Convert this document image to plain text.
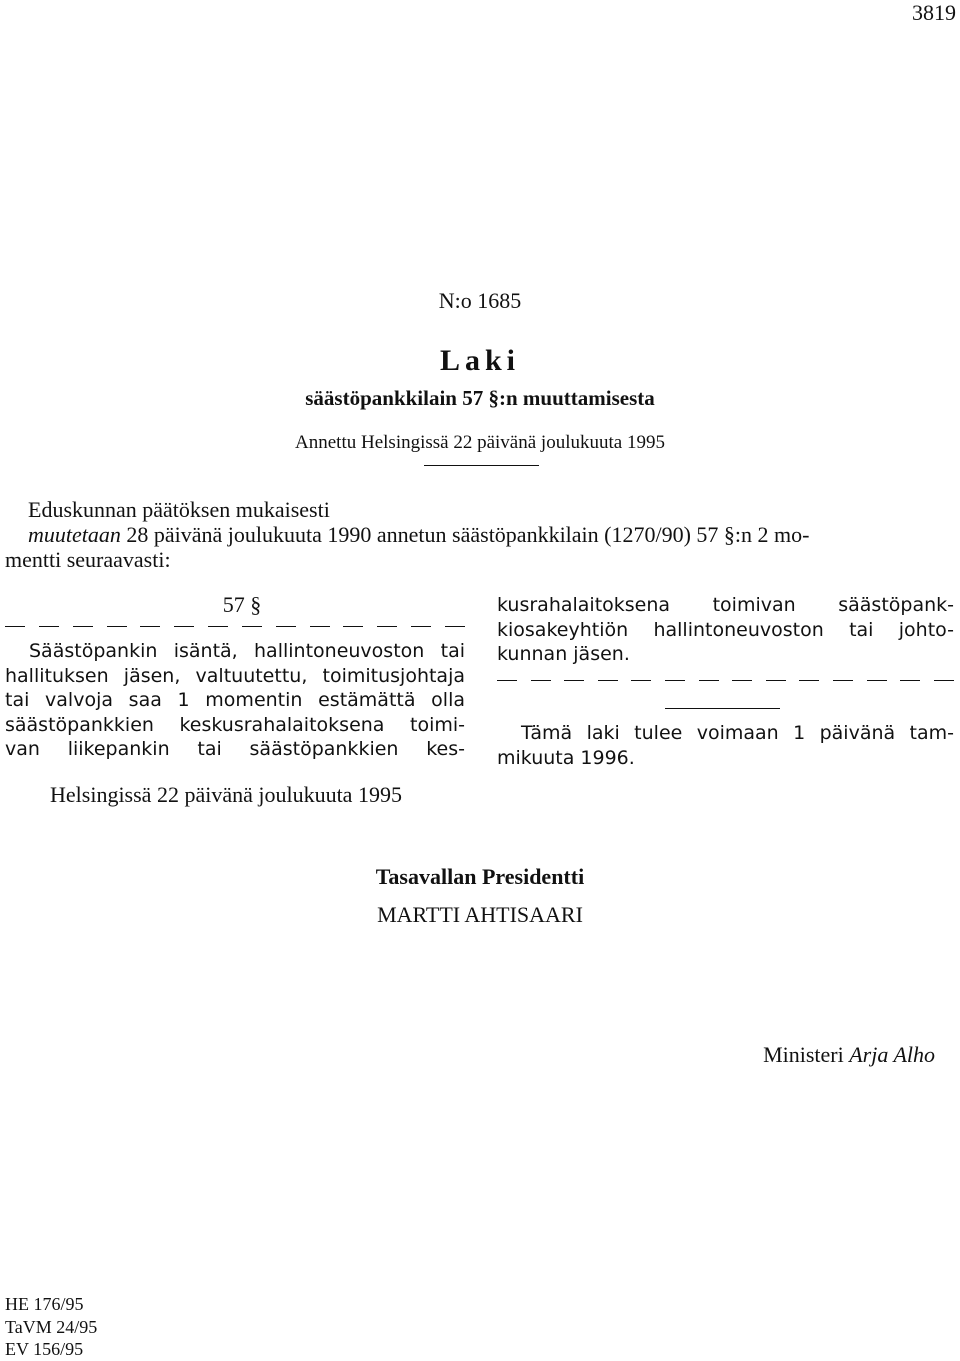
3819
N:o 1685
Laki
säästöpankkilain 57 §:n muuttamisesta
Annettu Helsingissä 22 päivänä joulukuuta 1995
Eduskunnan päätöksen mukaisesti
muutetaan 28 päivänä joulukuuta 1990 annetun säästöpankkilain (1270/90) 57 §:n 2 mo-
mentti seuraavasti:
57 §
Säästöpankin isäntä, hallintoneuvoston tai
hallituksen jäsen, valtuutettu, toimitusjohtaja
tai valvoja saa 1 momentin estämättä olla
säästöpankkien keskusrahalaitoksena toimi-
van liikepankin tai säästöpankkien kes-
kusrahalaitoksena toimivan säästöpank-
kiosakeyhtiön hallintoneuvoston tai johto-
kunnan jäsen.
Tämä laki tulee voimaan 1 päivänä tam-
mikuuta 1996.
Helsingissä 22 päivänä joulukuuta 1995
Tasavallan Presidentti
MARTTI AHTISAARI
Ministeri Arja Alho
HE 176/95
TaVM 24/95
EV 156/95
